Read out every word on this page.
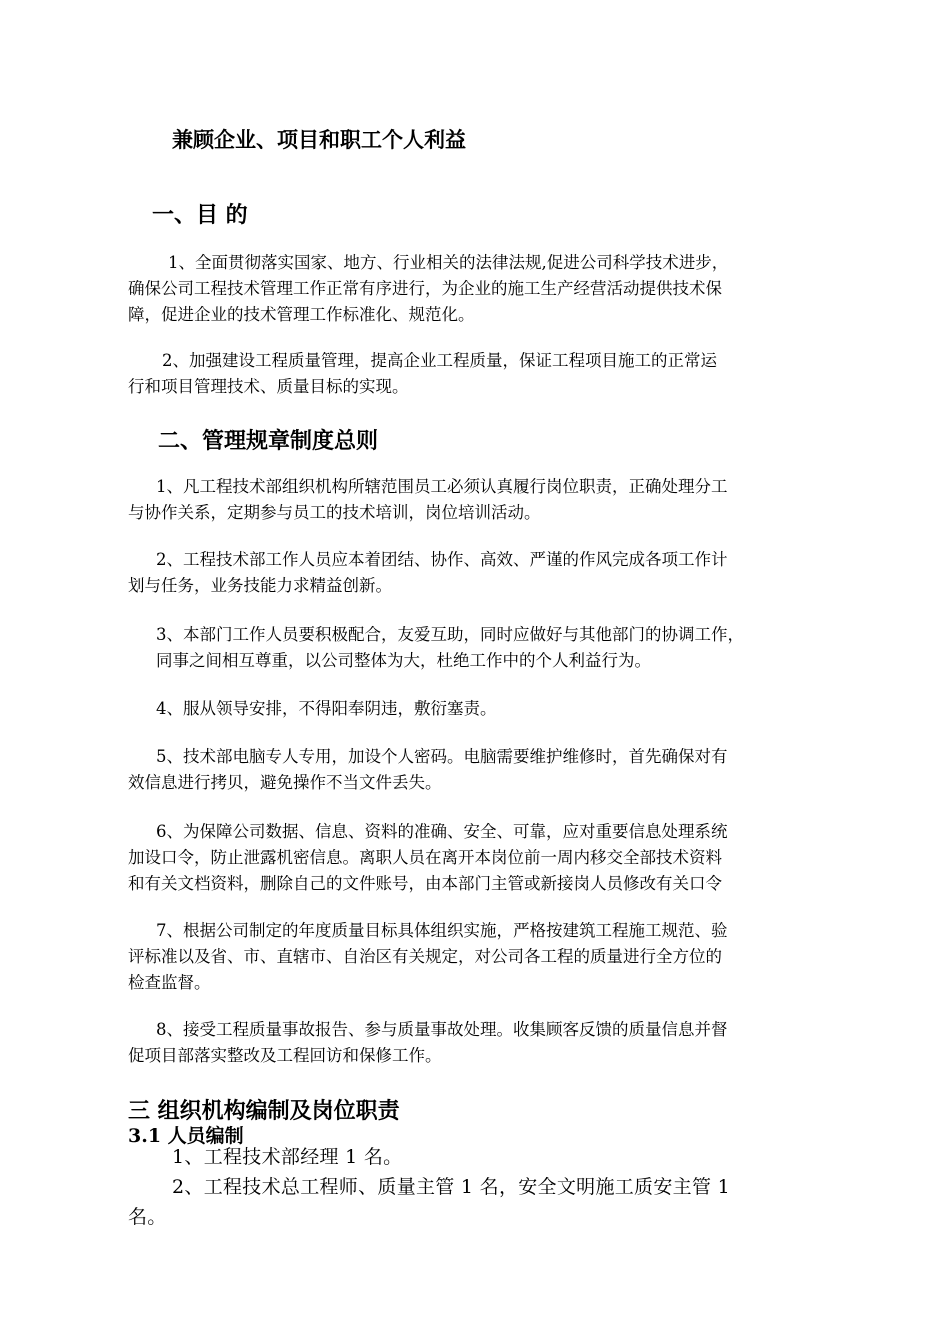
兼顾企业、项目和职工个人利益
一、目 的
1、全面贯彻落实国家、地方、行业相关的法律法规,促进公司科学技术进步，
确保公司工程技术管理工作正常有序进行，为企业的施工生产经营活动提供技术保
障，促进企业的技术管理工作标准化、规范化。
2、加强建设工程质量管理，提高企业工程质量，保证工程项目施工的正常运
行和项目管理技术、质量目标的实现。
二、管理规章制度总则
1、凡工程技术部组织机构所辖范围员工必须认真履行岗位职责，正确处理分工
与协作关系，定期参与员工的技术培训，岗位培训活动。
2、工程技术部工作人员应本着团结、协作、高效、严谨的作风完成各项工作计
划与任务，业务技能力求精益创新。
3、本部门工作人员要积极配合，友爱互助，同时应做好与其他部门的协调工作，
同事之间相互尊重，以公司整体为大，杜绝工作中的个人利益行为。
4、服从领导安排，不得阳奉阴违，敷衍塞责。
5、技术部电脑专人专用，加设个人密码。电脑需要维护维修时，首先确保对有
效信息进行拷贝，避免操作不当文件丢失。
6、为保障公司数据、信息、资料的准确、安全、可靠，应对重要信息处理系统
加设口令，防止泄露机密信息。离职人员在离开本岗位前一周内移交全部技术资料
和有关文档资料，删除自己的文件账号，由本部门主管或新接岗人员修改有关口令
7、根据公司制定的年度质量目标具体组织实施，严格按建筑工程施工规范、验
评标准以及省、市、直辖市、自治区有关规定，对公司各工程的质量进行全方位的
检查监督。
8、接受工程质量事故报告、参与质量事故处理。收集顾客反馈的质量信息并督
促项目部落实整改及工程回访和保修工作。
三 组织机构编制及岗位职责
3.1 人员编制
1、工程技术部经理 1 名。
2、工程技术总工程师、质量主管 1 名，安全文明施工质安主管 1
名。
